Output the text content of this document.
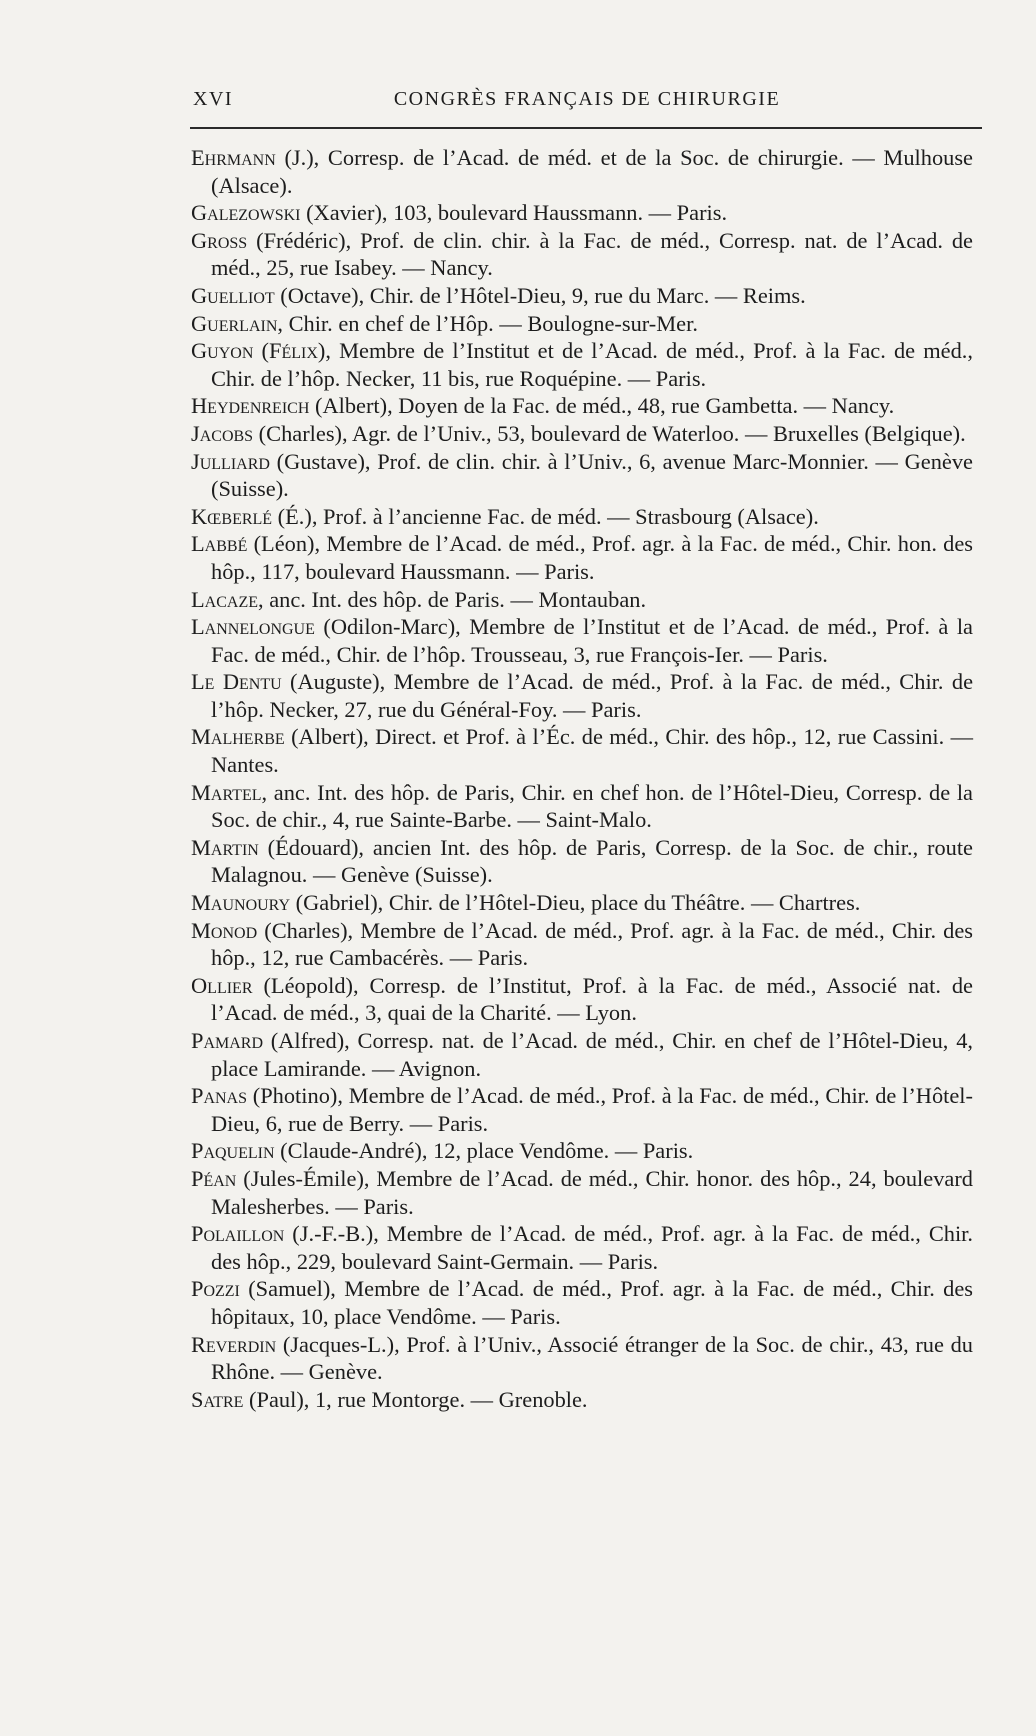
XVI	CONGRÈS FRANÇAIS DE CHIRURGIE

Ehrmann (J.), Corresp. de l’Acad. de méd. et de la Soc. de chirurgie. — Mulhouse (Alsace).

Galezowski (Xavier), 103, boulevard Haussmann. — Paris.

Gross (Frédéric), Prof. de clin. chir. à la Fac. de méd., Corresp. nat. de l’Acad. de méd., 25, rue Isabey. — Nancy.

Guelliot (Octave), Chir. de l’Hôtel-Dieu, 9, rue du Marc. — Reims.

Guerlain, Chir. en chef de l’Hôp. — Boulogne-sur-Mer.

Guyon (Félix), Membre de l’Institut et de l’Acad. de méd., Prof. à la Fac. de méd., Chir. de l’hôp. Necker, 11 bis, rue Roquépine. — Paris.

Heydenreich (Albert), Doyen de la Fac. de méd., 48, rue Gambetta. — Nancy.

Jacobs (Charles), Agr. de l’Univ., 53, boulevard de Waterloo. — Bruxelles (Belgique).

Julliard (Gustave), Prof. de clin. chir. à l’Univ., 6, avenue Marc-Monnier. — Genève (Suisse).

Kœberlé (É.), Prof. à l’ancienne Fac. de méd. — Strasbourg (Alsace).

Labbé (Léon), Membre de l’Acad. de méd., Prof. agr. à la Fac. de méd., Chir. hon. des hôp., 117, boulevard Haussmann. — Paris.

Lacaze, anc. Int. des hôp. de Paris. — Montauban.

Lannelongue (Odilon-Marc), Membre de l’Institut et de l’Acad. de méd., Prof. à la Fac. de méd., Chir. de l’hôp. Trousseau, 3, rue François-Ier. — Paris.

Le Dentu (Auguste), Membre de l’Acad. de méd., Prof. à la Fac. de méd., Chir. de l’hôp. Necker, 27, rue du Général-Foy. — Paris.

Malherbe (Albert), Direct. et Prof. à l’Éc. de méd., Chir. des hôp., 12, rue Cassini. — Nantes.

Martel, anc. Int. des hôp. de Paris, Chir. en chef hon. de l’Hôtel-Dieu, Corresp. de la Soc. de chir., 4, rue Sainte-Barbe. — Saint-Malo.

Martin (Édouard), ancien Int. des hôp. de Paris, Corresp. de la Soc. de chir., route Malagnou. — Genève (Suisse).

Maunoury (Gabriel), Chir. de l’Hôtel-Dieu, place du Théâtre. — Chartres.

Monod (Charles), Membre de l’Acad. de méd., Prof. agr. à la Fac. de méd., Chir. des hôp., 12, rue Cambacérès. — Paris.

Ollier (Léopold), Corresp. de l’Institut, Prof. à la Fac. de méd., Associé nat. de l’Acad. de méd., 3, quai de la Charité. — Lyon.

Pamard (Alfred), Corresp. nat. de l’Acad. de méd., Chir. en chef de l’Hôtel-Dieu, 4, place Lamirande. — Avignon.

Panas (Photino), Membre de l’Acad. de méd., Prof. à la Fac. de méd., Chir. de l’Hôtel-Dieu, 6, rue de Berry. — Paris.

Paquelin (Claude-André), 12, place Vendôme. — Paris.

Péan (Jules-Émile), Membre de l’Acad. de méd., Chir. honor. des hôp., 24, boulevard Malesherbes. — Paris.

Polaillon (J.-F.-B.), Membre de l’Acad. de méd., Prof. agr. à la Fac. de méd., Chir. des hôp., 229, boulevard Saint-Germain. — Paris.

Pozzi (Samuel), Membre de l’Acad. de méd., Prof. agr. à la Fac. de méd., Chir. des hôpitaux, 10, place Vendôme. — Paris.

Reverdin (Jacques-L.), Prof. à l’Univ., Associé étranger de la Soc. de chir., 43, rue du Rhône. — Genève.

Satre (Paul), 1, rue Montorge. — Grenoble.
